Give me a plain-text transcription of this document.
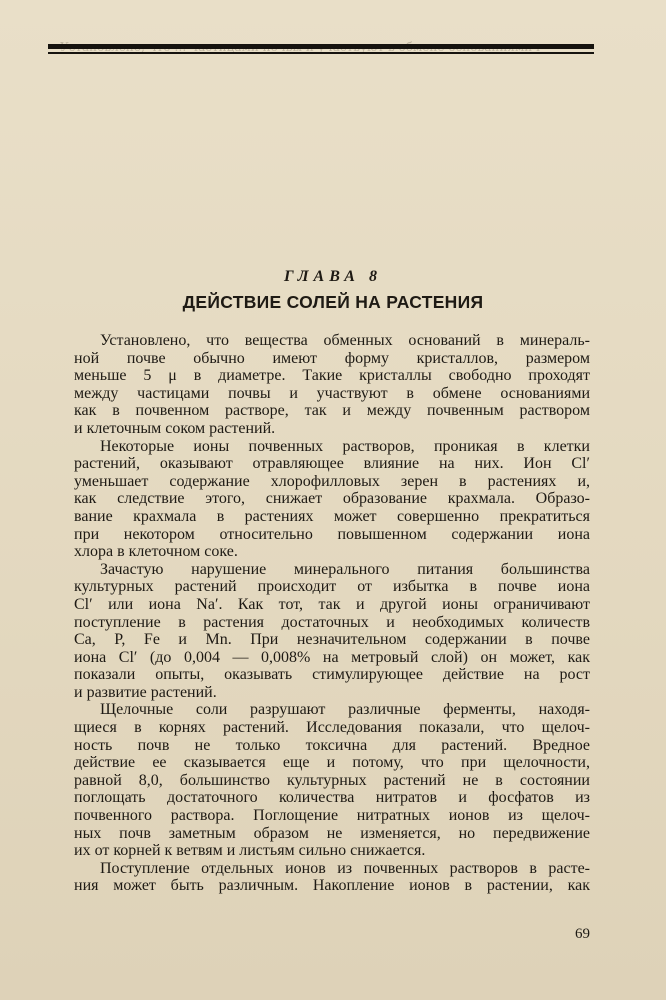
ГЛАВА 8
ДЕЙСТВИЕ СОЛЕЙ НА РАСТЕНИЯ
Установлено, что вещества обменных оснований в минераль-
ной почве обычно имеют форму кристаллов, размером
меньше 5 μ в диаметре. Такие кристаллы свободно проходят
между частицами почвы и участвуют в обмене основаниями
как в почвенном растворе, так и между почвенным раствором
и клеточным соком растений.
Некоторые ионы почвенных растворов, проникая в клетки
растений, оказывают отравляющее влияние на них. Ион Cl′
уменьшает содержание хлорофилловых зерен в растениях и,
как следствие этого, снижает образование крахмала. Образо-
вание крахмала в растениях может совершенно прекратиться
при некотором относительно повышенном содержании иона
хлора в клеточном соке.
Зачастую нарушение минерального питания большинства
культурных растений происходит от избытка в почве иона
Cl′ или иона Na′. Как тот, так и другой ионы ограничивают
поступление в растения достаточных и необходимых количеств
Ca, P, Fe и Mn. При незначительном содержании в почве
иона Cl′ (до 0,004 — 0,008% на метровый слой) он может, как
показали опыты, оказывать стимулирующее действие на рост
и развитие растений.
Щелочные соли разрушают различные ферменты, находя-
щиеся в корнях растений. Исследования показали, что щелоч-
ность почв не только токсична для растений. Вредное
действие ее сказывается еще и потому, что при щелочности,
равной 8,0, большинство культурных растений не в состоянии
поглощать достаточного количества нитратов и фосфатов из
почвенного раствора. Поглощение нитратных ионов из щелоч-
ных почв заметным образом не изменяется, но передвижение
их от корней к ветвям и листьям сильно снижается.
Поступление отдельных ионов из почвенных растворов в расте-
ния может быть различным. Накопление ионов в растении, как
69
